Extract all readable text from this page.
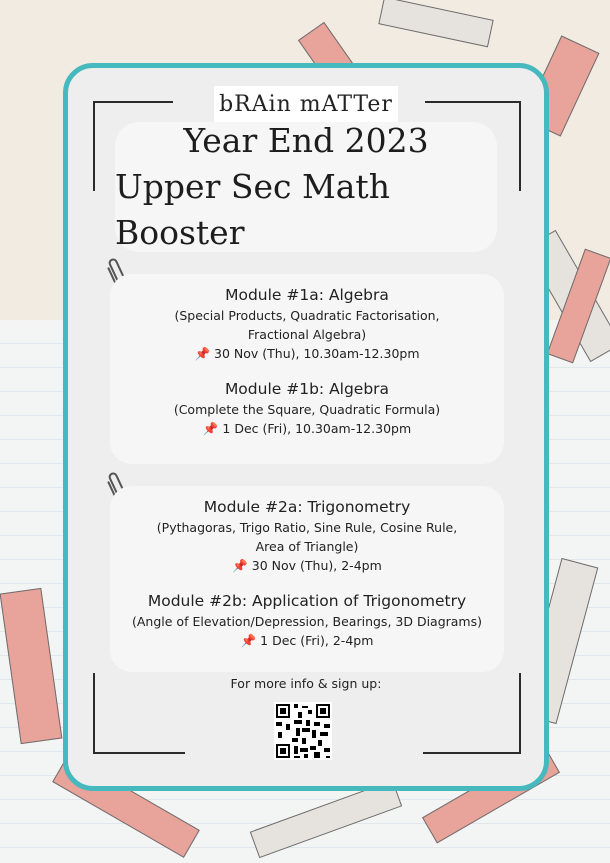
bRAin mATTer
Year End 2023
Upper Sec Math Booster
Module #1a: Algebra
(Special Products, Quadratic Factorisation,
Fractional Algebra)
📌 30 Nov (Thu), 10.30am-12.30pm
Module #1b: Algebra
(Complete the Square, Quadratic Formula)
📌 1 Dec (Fri), 10.30am-12.30pm
Module #2a: Trigonometry
(Pythagoras, Trigo Ratio, Sine Rule, Cosine Rule,
Area of Triangle)
📌 30 Nov (Thu), 2-4pm
Module #2b: Application of Trigonometry
(Angle of Elevation/Depression, Bearings, 3D Diagrams)
📌 1 Dec (Fri), 2-4pm
For more info & sign up:
